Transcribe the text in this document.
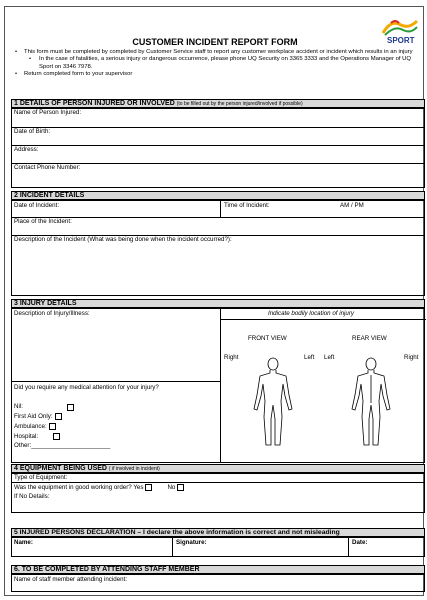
CUSTOMER INCIDENT REPORT FORM	SPORT
• This form must be completed by completed by Customer Service staff to report any customer workplace accident or incident which results in an injury
• In the case of fatalities, a serious injury or dangerous occurrence, please phone UQ Security on 3365 3333 and the Operations Manager of UQ Sport on 3346 7978.
• Return completed form to your supervisor
1 DETAILS OF PERSON INJURED OR INVOLVED (to be filled out by the person injured/involved if possible)
Name of Person Injured:
Date of Birth:
Address:
Contact Phone Number:
2 INCIDENT DETAILS
Date of Incident:	Time of Incident:	AM / PM
Place of the Incident:
Description of the Incident (What was being done when the incident occurred?):
3 INJURY DETAILS
Description of Injury/Illness:
Did you require any medical attention for your injury?
Nil:
First Aid Only:
Ambulance:
Hospital:
Other:_______________________
Indicate bodily location of injury
FRONT VIEW	REAR VIEW
Right	Left Left	Right
4 EQUIPMENT BEING USED ( if involved in incident)
Type of Equipment:
Was the equipment in good working order? Yes	No
If No Details:
5 INJURED PERSONS DECLARATION – I declare the above information is correct and not misleading
Name:	Signature:	Date:
6. TO BE COMPLETED BY ATTENDING STAFF MEMBER
Name of staff member attending incident:
